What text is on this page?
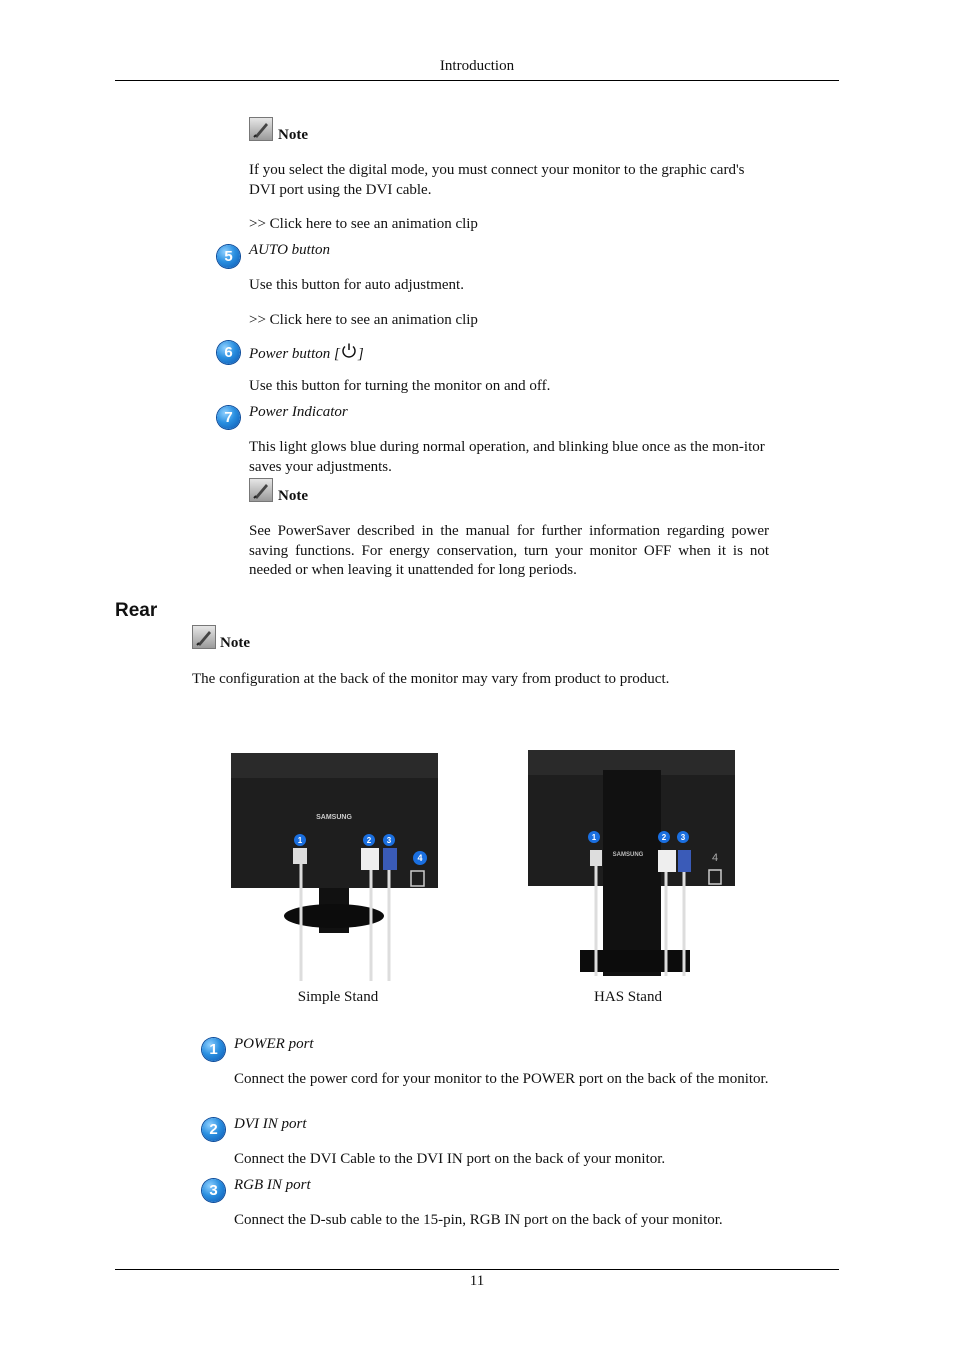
Introduction
Note
If you select the digital mode, you must connect your monitor to the graphic card's DVI port using the DVI cable.
>> Click here to see an animation clip
5	AUTO button
Use this button for auto adjustment.
>> Click here to see an animation clip
6	Power button [ ]
Use this button for turning the monitor on and off.
7	Power Indicator
This light glows blue during normal operation, and blinking blue once as the mon-itor saves your adjustments.
Note
See PowerSaver described in the manual for further information regarding power saving functions. For energy conservation, turn your monitor OFF when it is not needed or when leaving it unattended for long periods.
Rear
Note
The configuration at the back of the monitor may vary from product to product.
SAMSUNG
1	2 3
4
Simple Stand
SAMSUNG
1	2 3
4
HAS Stand
1	POWER port
Connect the power cord for your monitor to the POWER port on the back of the monitor.
2	DVI IN port
Connect the DVI Cable to the DVI IN port on the back of your monitor.
3	RGB IN port
Connect the D-sub cable to the 15-pin, RGB IN port on the back of your monitor.
11
